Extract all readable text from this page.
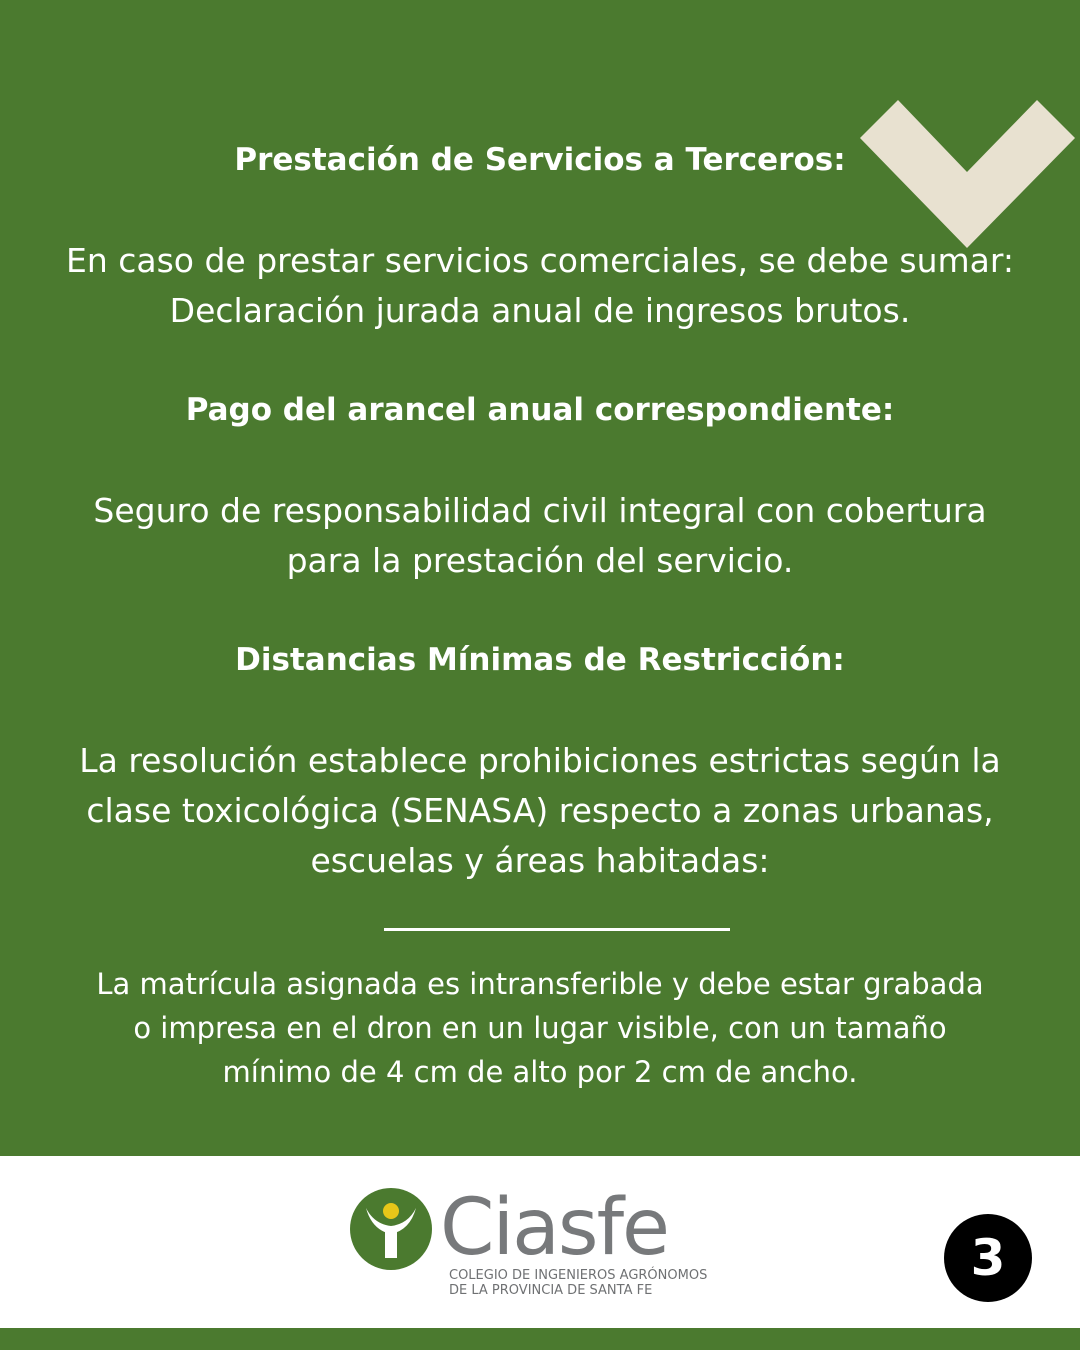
Prestación de Servicios a Terceros:

En caso de prestar servicios comerciales, se debe sumar:
Declaración jurada anual de ingresos brutos.

Pago del arancel anual correspondiente:

Seguro de responsabilidad civil integral con cobertura
para la prestación del servicio.

Distancias Mínimas de Restricción:

La resolución establece prohibiciones estrictas según la
clase toxicológica (SENASA) respecto a zonas urbanas,
escuelas y áreas habitadas:

La matrícula asignada es intransferible y debe estar grabada
o impresa en el dron en un lugar visible, con un tamaño
mínimo de 4 cm de alto por 2 cm de ancho.

Ciasfe
COLEGIO DE INGENIEROS AGRÓNOMOS
DE LA PROVINCIA DE SANTA FE
3
